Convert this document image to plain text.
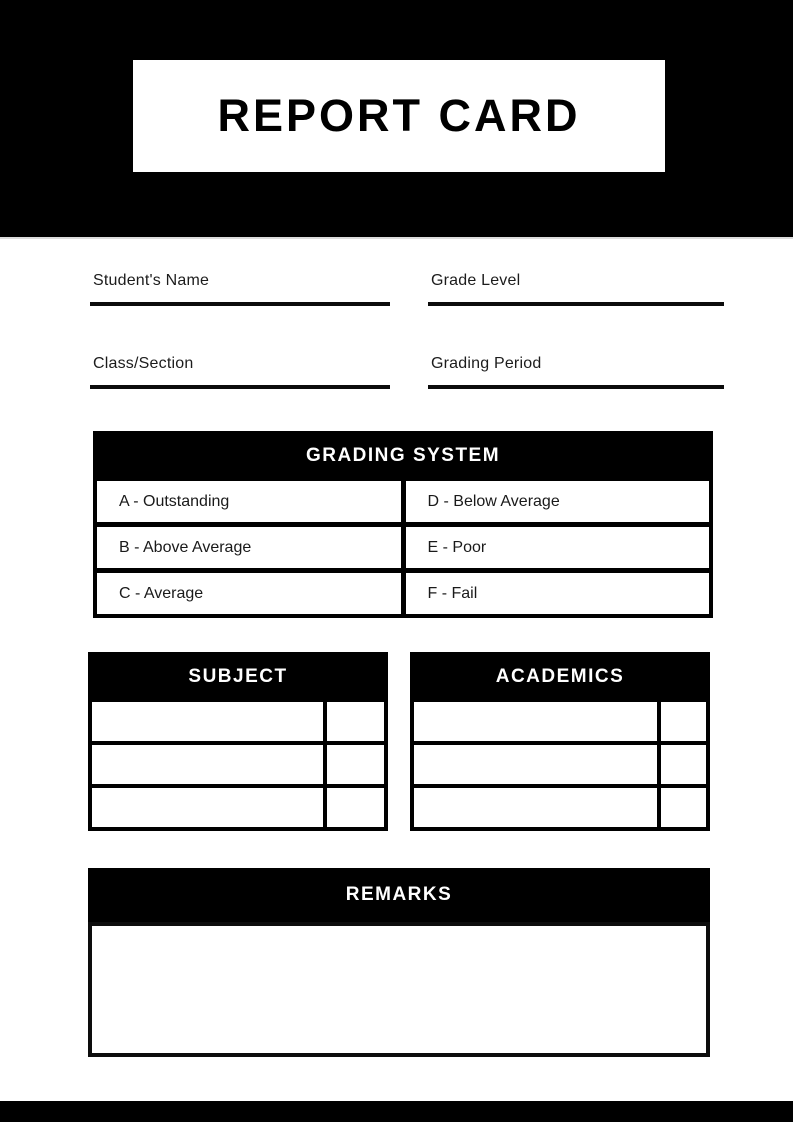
REPORT CARD
Student's Name	Grade Level
Class/Section	Grading Period
GRADING SYSTEM
A - Outstanding	D - Below Average
B - Above Average	E - Poor
C - Average	F - Fail
SUBJECT	ACADEMICS
REMARKS
